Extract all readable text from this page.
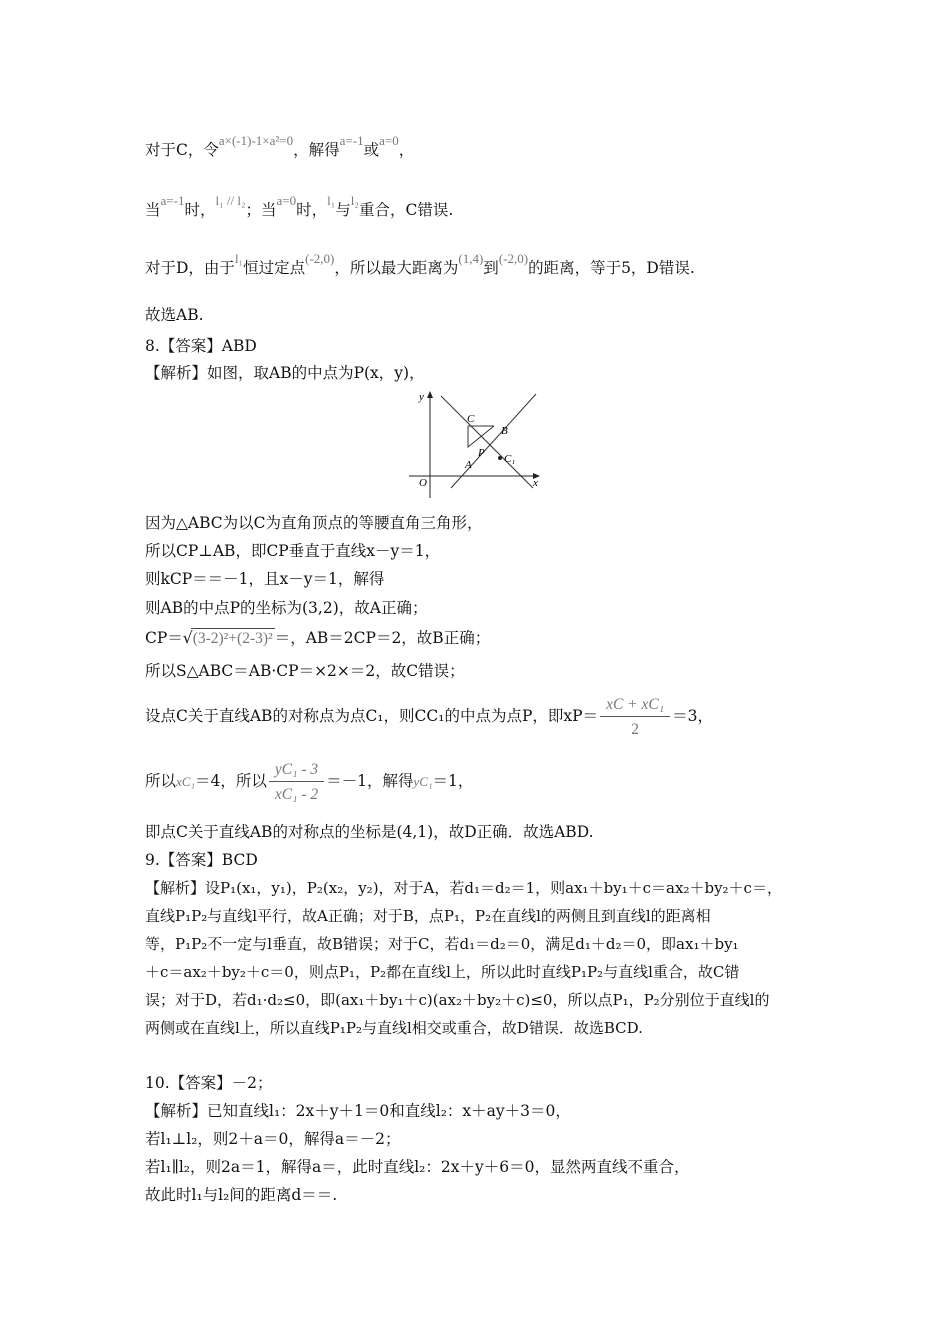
对于C，令$^{a\times(-1)-1\times a^2=0}$，解得$^{a=-1}$或$^{a=0}$，
当$^{a=-1}$时，$^{l_1 // l_2}$；当$^{a=0}$时，$^{l_1}$与$^{l_2}$重合，C错误.
对于D，由于$^{l_1}$恒过定点$^{(-2,0)}$，所以最大距离为$^{(1,4)}$到$^{(-2,0)}$的距离，等于5，D错误.
故选AB.
8.【答案】ABD
【解析】如图，取AB的中点为P(x，y)，
y
x
O
C
B
P
A	C₁
因为△ABC为以C为直角顶点的等腰直角三角形，
所以CP⊥AB，即CP垂直于直线x－y＝1，
则kCP＝＝－1，且x－y＝1，解得
则AB的中点P的坐标为(3,2)，故A正确；
CP＝√(3-2)²+(2-3)² ＝，AB＝2CP＝2，故B正确；
所以S△ABC＝AB·CP＝×2×＝2，故C错误；
设点C关于直线AB的对称点为点C₁，则CC₁的中点为点P，即$xP= \frac{\text{xC + xC₁}}{2} =3$，
所以xC₁＝4，所以 $\frac{\text{yC₁ - 3}}{\text{xC₁ - 2}} =-1$，解得yC₁＝1，
即点C关于直线AB的对称点的坐标是(4,1)，故D正确．故选ABD.
9.【答案】BCD
【解析】设P₁(x₁，y₁)，P₂(x₂，y₂)，对于A，若d₁＝d₂＝1，则ax₁＋by₁＋c＝ax₂＋by₂＋c＝，
直线P₁P₂与直线l平行，故A正确；对于B，点P₁，P₂在直线l的两侧且到直线l的距离相
等，P₁P₂不一定与l垂直，故B错误；对于C，若d₁＝d₂＝0，满足d₁＋d₂＝0，即ax₁＋by₁
＋c＝ax₂＋by₂＋c＝0，则点P₁，P₂都在直线l上，所以此时直线P₁P₂与直线l重合，故C错
误；对于D，若d₁·d₂≤0，即(ax₁＋by₁＋c)(ax₂＋by₂＋c)≤0，所以点P₁，P₂分别位于直线l的
两侧或在直线l上，所以直线P₁P₂与直线l相交或重合，故D错误．故选BCD.
10.【答案】－2；
【解析】已知直线l₁：2x＋y＋1＝0和直线l₂：x＋ay＋3＝0，
若l₁⊥l₂，则2＋a＝0，解得a＝－2；
若l₁∥l₂，则2a＝1，解得a＝，此时直线l₂：2x＋y＋6＝0，显然两直线不重合，
故此时l₁与l₂间的距离d＝＝.
